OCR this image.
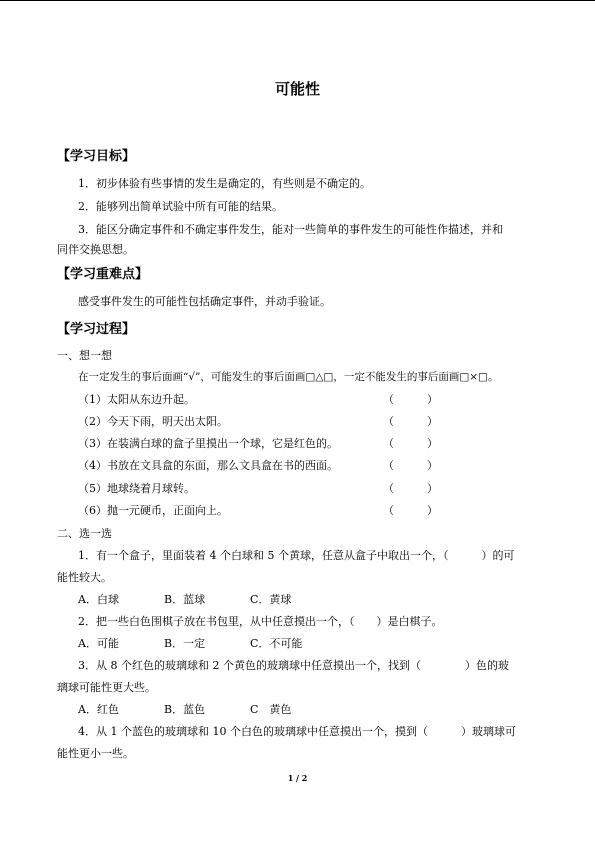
可能性
【学习目标】
1．初步体验有些事情的发生是确定的，有些则是不确定的。
2．能够列出简单试验中所有可能的结果。
3．能区分确定事件和不确定事件发生，能对一些简单的事件发生的可能性作描述，并和
同伴交换思想。
【学习重难点】
感受事件发生的可能性包括确定事件，并动手验证。
【学习过程】
一、想一想
在一定发生的事后面画“√”，可能发生的事后面画□△□，一定不能发生的事后面画□×□。
（1）太阳从东边升起。	（　　　）
（2）今天下雨，明天出太阳。	（　　　）
（3）在装满白球的盒子里摸出一个球，它是红色的。	（　　　）
（4）书放在文具盒的东面，那么文具盒在书的西面。	（　　　）
（5）地球绕着月球转。	（　　　）
（6）抛一元硬币，正面向上。	（　　　）
二、选一选
1．有一个盒子，里面装着 4 个白球和 5 个黄球，任意从盒子中取出一个，（　　　）的可
能性较大。
A．白球	B．蓝球	C．黄球
2．把一些白色围棋子放在书包里，从中任意摸出一个，（　　）是白棋子。
A．可能	B．一定	C．不可能
3．从 8 个红色的玻璃球和 2 个黄色的玻璃球中任意摸出一个，找到（　　　　）色的玻
璃球可能性更大些。
A．红色	B．蓝色	C　黄色
4．从 1 个蓝色的玻璃球和 10 个白色的玻璃球中任意摸出一个，摸到（　　　）玻璃球可
能性更小一些。
1 / 2
